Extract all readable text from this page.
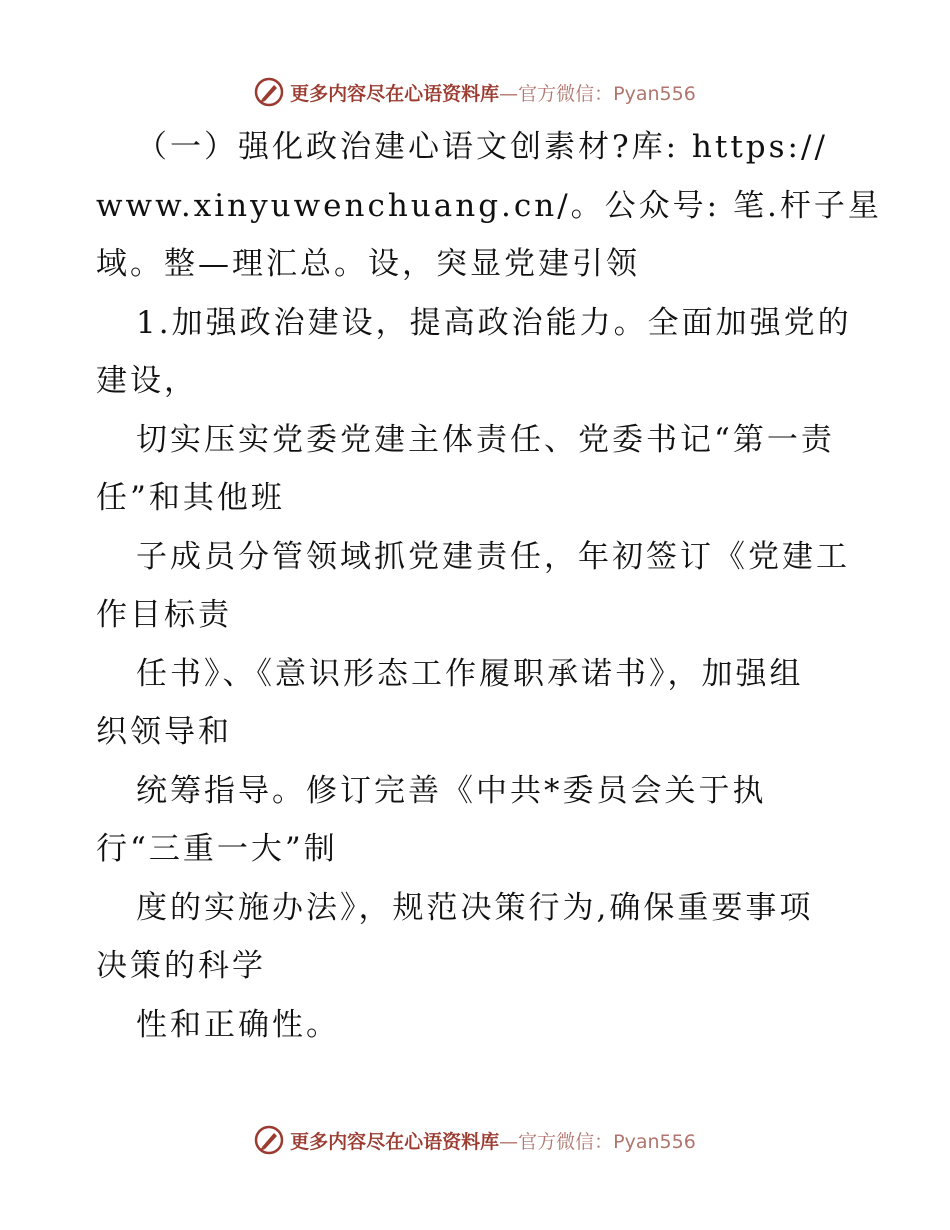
更多内容尽在心语资料库—官方微信：Pyan556
（一）强化政治建心语文创素材?库: https://
www.xinyuwenchuang.cn/。公众号: 笔.杆子星
域。整—理汇总。设，突显党建引领
1.加强政治建设，提高政治能力。全面加强党的
建设，
切实压实党委党建主体责任、党委书记“第一责
任”和其他班
子成员分管领域抓党建责任，年初签订《党建工
作目标责
任书》、《意识形态工作履职承诺书》，加强组
织领导和
统筹指导。修订完善《中共*委员会关于执
行“三重一大”制
度的实施办法》，规范决策行为,确保重要事项
决策的科学
性和正确性。
更多内容尽在心语资料库—官方微信：Pyan556
